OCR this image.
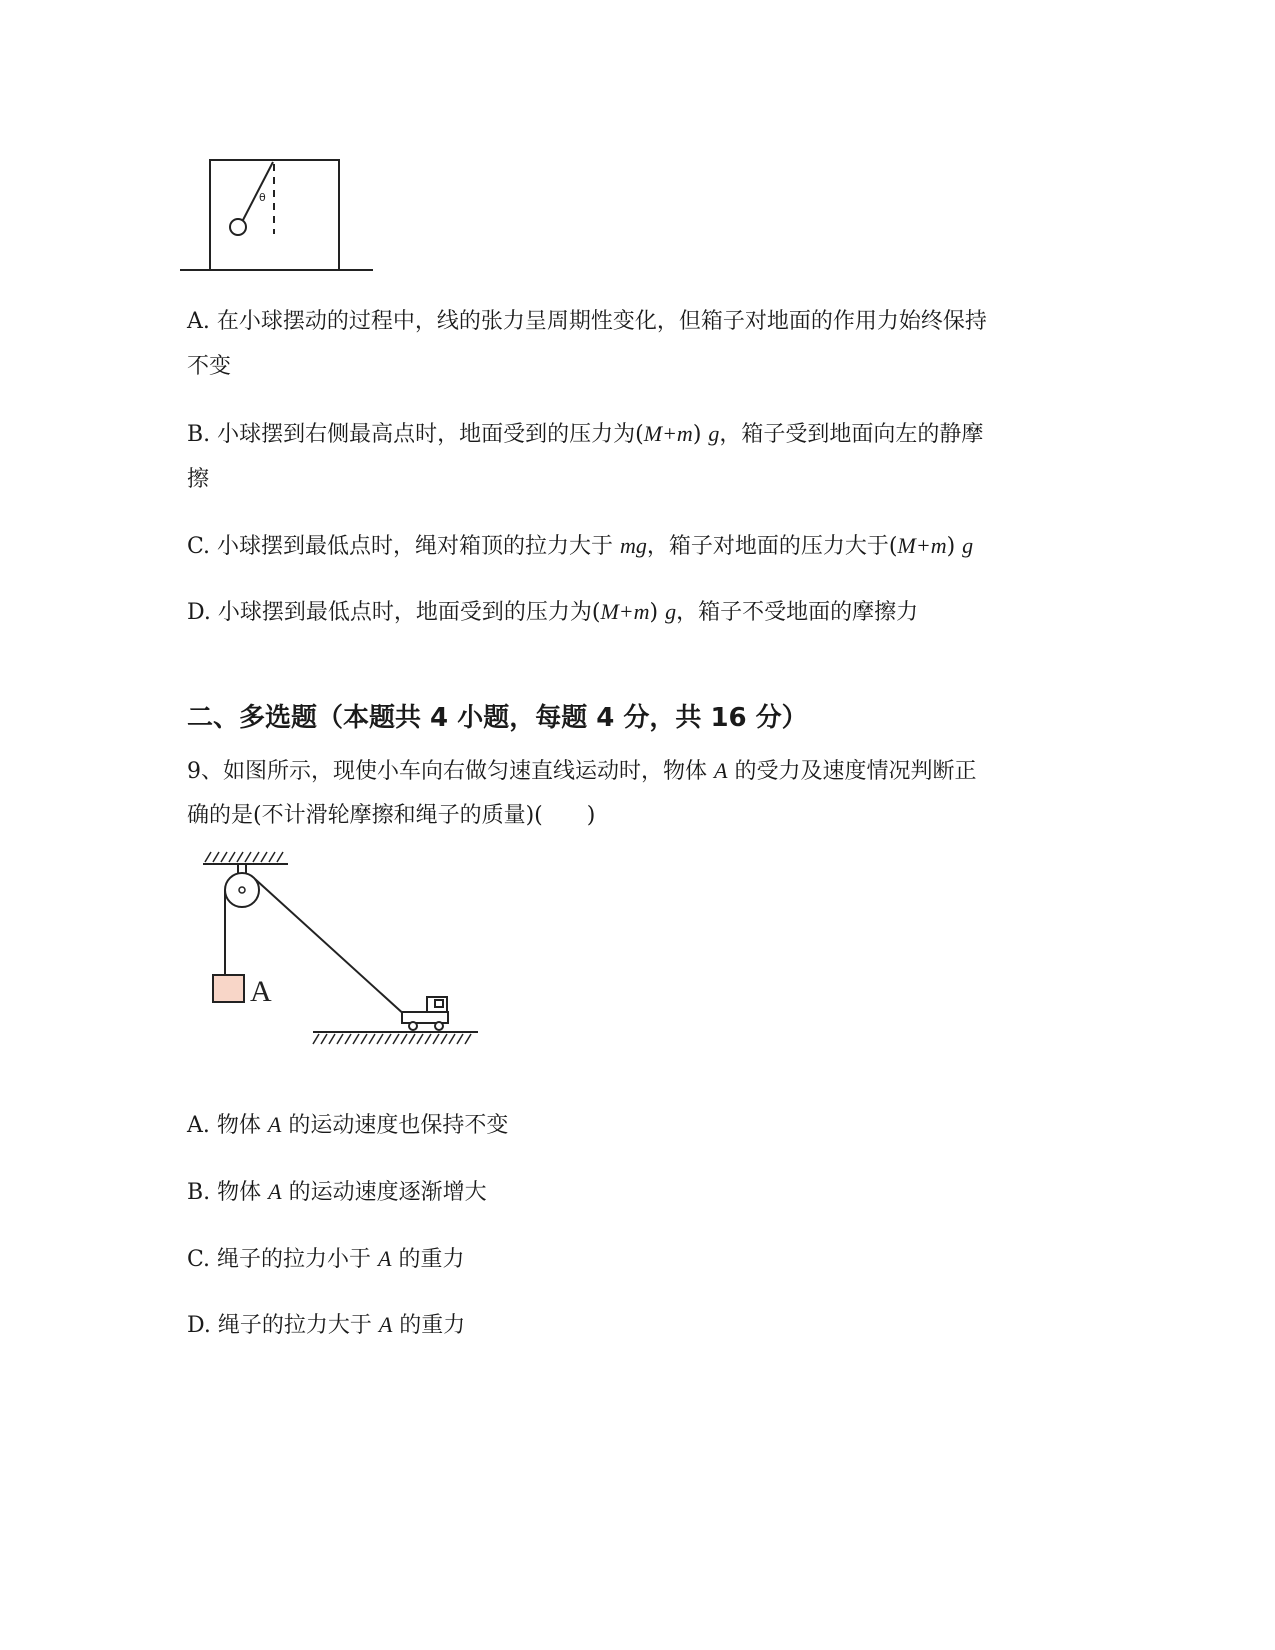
θ
A. 在小球摆动的过程中，线的张力呈周期性变化，但箱子对地面的作用力始终保持
不变
B. 小球摆到右侧最高点时，地面受到的压力为(M+m) g，箱子受到地面向左的静摩
擦
C. 小球摆到最低点时，绳对箱顶的拉力大于 mg，箱子对地面的压力大于(M+m) g
D. 小球摆到最低点时，地面受到的压力为(M+m) g，箱子不受地面的摩擦力
二、多选题（本题共 4 小题，每题 4 分，共 16 分）
9、如图所示，现使小车向右做匀速直线运动时，物体 A 的受力及速度情况判断正
确的是(不计滑轮摩擦和绳子的质量)(　　)
A
A. 物体 A 的运动速度也保持不变
B. 物体 A 的运动速度逐渐增大
C. 绳子的拉力小于 A 的重力
D. 绳子的拉力大于 A 的重力
